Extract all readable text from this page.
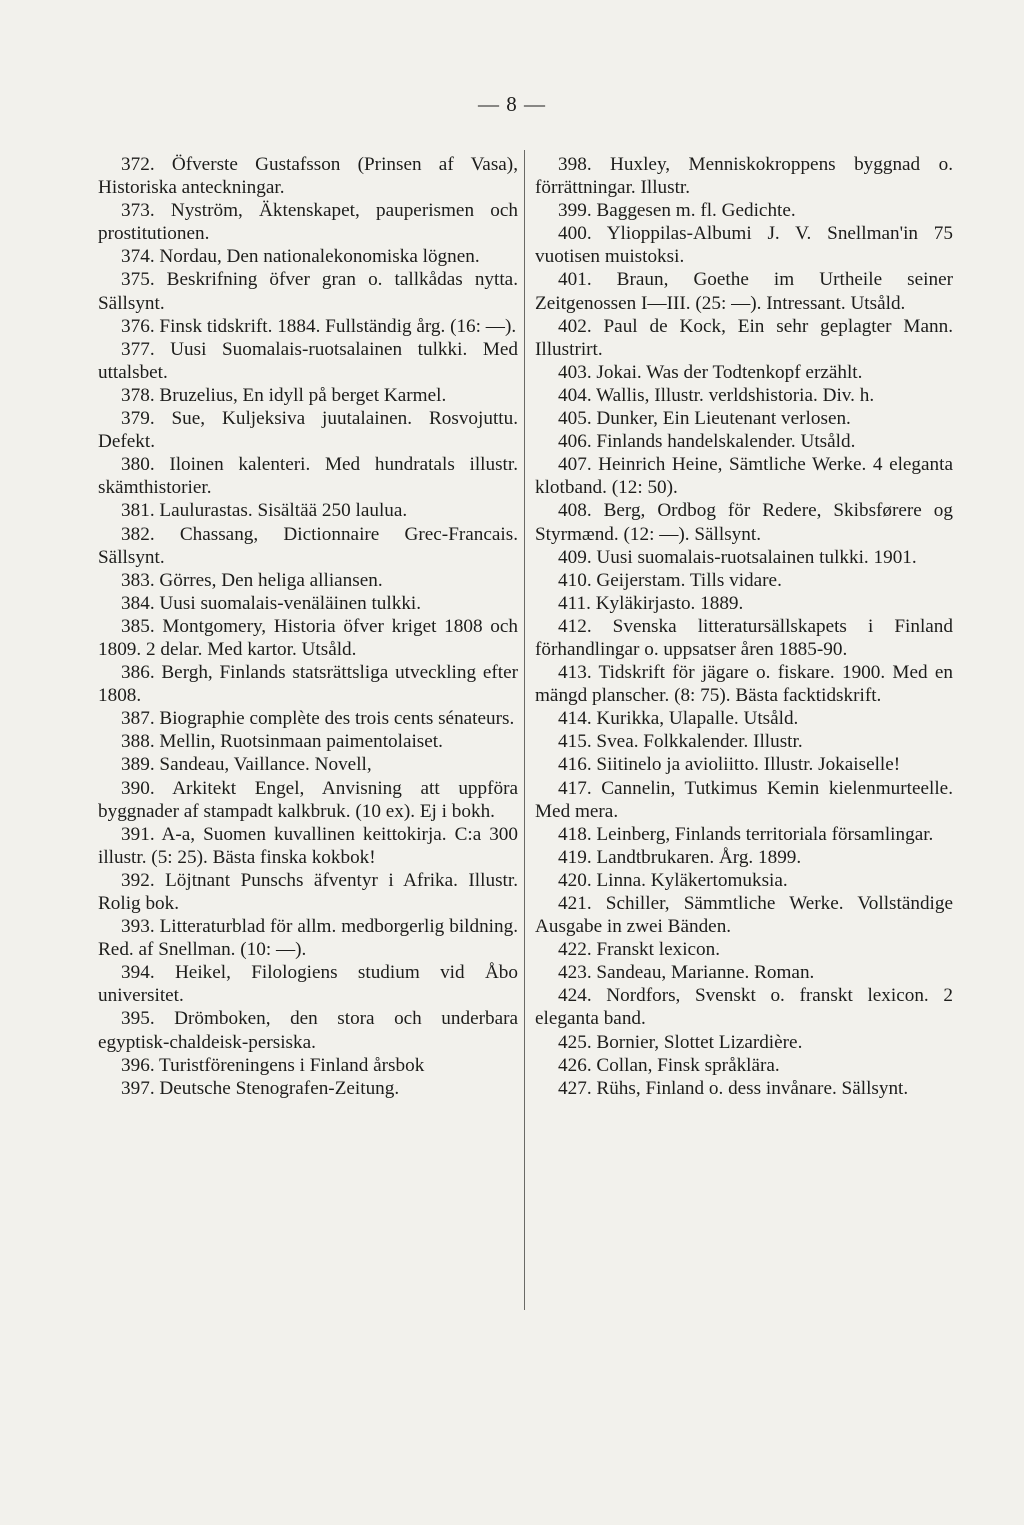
— 8 —

372. Öfverste Gustafsson (Prinsen af Vasa), Historiska anteckningar.

373. Nyström, Äktenskapet, pauperismen och prostitutionen.

374. Nordau, Den nationalekonomiska lögnen.

375. Beskrifning öfver gran o. tallkådas nytta. Sällsynt.

376. Finsk tidskrift. 1884. Fullständig årg. (16: —).

377. Uusi Suomalais-ruotsalainen tulkki. Med uttalsbet.

378. Bruzelius, En idyll på berget Karmel.

379. Sue, Kuljeksiva juutalainen. Rosvojuttu. Defekt.

380. Iloinen kalenteri. Med hundratals illustr. skämthistorier.

381. Laulurastas. Sisältää 250 laulua.

382. Chassang, Dictionnaire Grec-Francais. Sällsynt.

383. Görres, Den heliga alliansen.

384. Uusi suomalais-venäläinen tulkki.

385. Montgomery, Historia öfver kriget 1808 och 1809. 2 delar. Med kartor. Utsåld.

386. Bergh, Finlands statsrättsliga utveckling efter 1808.

387. Biographie complète des trois cents sénateurs.

388. Mellin, Ruotsinmaan paimentolaiset.

389. Sandeau, Vaillance. Novell,

390. Arkitekt Engel, Anvisning att uppföra byggnader af stampadt kalkbruk. (10 ex). Ej i bokh.

391. A-a, Suomen kuvallinen keittokirja. C:a 300 illustr. (5: 25). Bästa finska kokbok!

392. Löjtnant Punschs äfventyr i Afrika. Illustr. Rolig bok.

393. Litteraturblad för allm. medborgerlig bildning. Red. af Snellman. (10: —).

394. Heikel, Filologiens studium vid Åbo universitet.

395. Drömboken, den stora och underbara egyptisk-chaldeisk-persiska.

396. Turistföreningens i Finland årsbok

397. Deutsche Stenografen-Zeitung.

398. Huxley, Menniskokroppens byggnad o. förrättningar. Illustr.

399. Baggesen m. fl. Gedichte.

400. Ylioppilas-Albumi J. V. Snellman'in 75 vuotisen muistoksi.

401. Braun, Goethe im Urtheile seiner Zeitgenossen I—III. (25: —). Intressant. Utsåld.

402. Paul de Kock, Ein sehr geplagter Mann. Illustrirt.

403. Jokai. Was der Todtenkopf erzählt.

404. Wallis, Illustr. verldshistoria. Div. h.

405. Dunker, Ein Lieutenant verlosen.

406. Finlands handelskalender. Utsåld.

407. Heinrich Heine, Sämtliche Werke. 4 eleganta klotband. (12: 50).

408. Berg, Ordbog för Redere, Skibsførere og Styrmænd. (12: —). Sällsynt.

409. Uusi suomalais-ruotsalainen tulkki. 1901.

410. Geijerstam. Tills vidare.

411. Kyläkirjasto. 1889.

412. Svenska litteratursällskapets i Finland förhandlingar o. uppsatser åren 1885-90.

413. Tidskrift för jägare o. fiskare. 1900. Med en mängd planscher. (8: 75). Bästa facktidskrift.

414. Kurikka, Ulapalle. Utsåld.

415. Svea. Folkkalender. Illustr.

416. Siitinelo ja avioliitto. Illustr. Jokaiselle!

417. Cannelin, Tutkimus Kemin kielenmurteelle. Med mera.

418. Leinberg, Finlands territoriala församlingar.

419. Landtbrukaren. Årg. 1899.

420. Linna. Kyläkertomuksia.

421. Schiller, Sämmtliche Werke. Vollständige Ausgabe in zwei Bänden.

422. Franskt lexicon.

423. Sandeau, Marianne. Roman.

424. Nordfors, Svenskt o. franskt lexicon. 2 eleganta band.

425. Bornier, Slottet Lizardière.

426. Collan, Finsk språklära.

427. Rühs, Finland o. dess invånare. Sällsynt.
